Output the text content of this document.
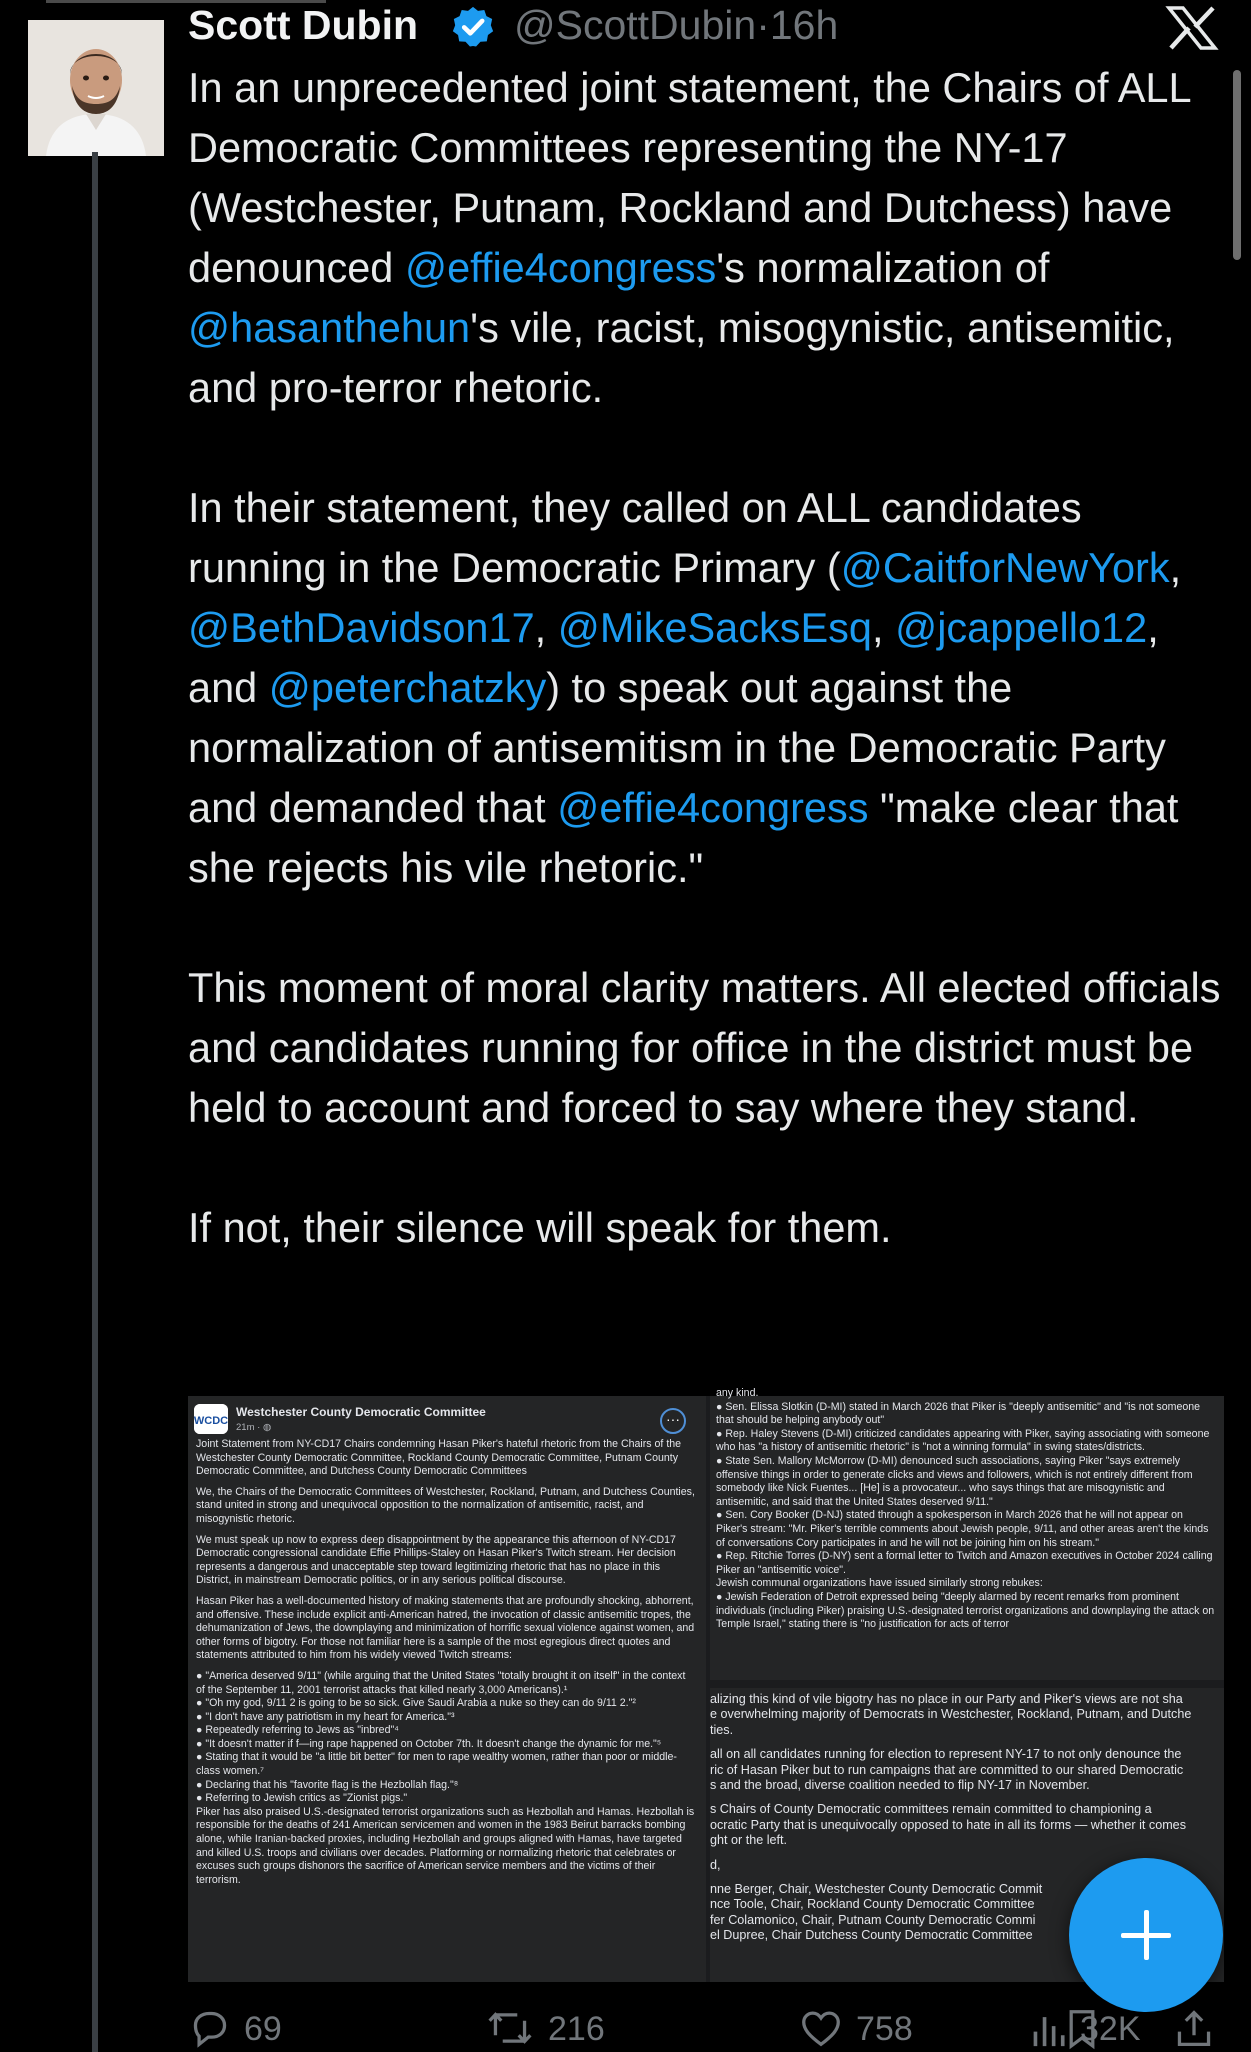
Scott Dubin @ScottDubin·16h

In an unprecedented joint statement, the Chairs of ALL Democratic Committees representing the NY-17 (Westchester, Putnam, Rockland and Dutchess) have denounced @effie4congress's normalization of @hasanthehun's vile, racist, misogynistic, antisemitic, and pro-terror rhetoric.

In their statement, they called on ALL candidates running in the Democratic Primary (@CaitforNewYork, @BethDavidson17, @MikeSacksEsq, @jcappello12, and @peterchatzky) to speak out against the normalization of antisemitism in the Democratic Party and demanded that @effie4congress "make clear that she rejects his vile rhetoric."

This moment of moral clarity matters. All elected officials and candidates running for office in the district must be held to account and forced to say where they stand.

If not, their silence will speak for them.

WCDC
Westchester County Democratic Committee
21m · ◍
···

Joint Statement from NY-CD17 Chairs condemning Hasan Piker's hateful rhetoric from the Chairs of the Westchester County Democratic Committee, Rockland County Democratic Committee, Putnam County Democratic Committee, and Dutchess County Democratic Committees

We, the Chairs of the Democratic Committees of Westchester, Rockland, Putnam, and Dutchess Counties, stand united in strong and unequivocal opposition to the normalization of antisemitic, racist, and misogynistic rhetoric.

We must speak up now to express deep disappointment by the appearance this afternoon of NY-CD17 Democratic congressional candidate Effie Phillips-Staley on Hasan Piker's Twitch stream. Her decision represents a dangerous and unacceptable step toward legitimizing rhetoric that has no place in this District, in mainstream Democratic politics, or in any serious political discourse.

Hasan Piker has a well-documented history of making statements that are profoundly shocking, abhorrent, and offensive. These include explicit anti-American hatred, the invocation of classic antisemitic tropes, the dehumanization of Jews, the downplaying and minimization of horrific sexual violence against women, and other forms of bigotry. For those not familiar here is a sample of the most egregious direct quotes and statements attributed to him from his widely viewed Twitch streams:

● "America deserved 9/11" (while arguing that the United States "totally brought it on itself" in the context of the September 11, 2001 terrorist attacks that killed nearly 3,000 Americans).¹

● "Oh my god, 9/11 2 is going to be so sick. Give Saudi Arabia a nuke so they can do 9/11 2."²

● "I don't have any patriotism in my heart for America."³

● Repeatedly referring to Jews as "inbred"⁴

● "It doesn't matter if f—ing rape happened on October 7th. It doesn't change the dynamic for me."⁵

● Stating that it would be "a little bit better" for men to rape wealthy women, rather than poor or middle-class women.⁷

● Declaring that his "favorite flag is the Hezbollah flag."⁸

● Referring to Jewish critics as "Zionist pigs."

Piker has also praised U.S.-designated terrorist organizations such as Hezbollah and Hamas. Hezbollah is responsible for the deaths of 241 American servicemen and women in the 1983 Beirut barracks bombing alone, while Iranian-backed proxies, including Hezbollah and groups aligned with Hamas, have targeted and killed U.S. troops and civilians over decades. Platforming or normalizing rhetoric that celebrates or excuses such groups dishonors the sacrifice of American service members and the victims of their terrorism.

any kind.

● Sen. Elissa Slotkin (D-MI) stated in March 2026 that Piker is "deeply antisemitic" and "is not someone that should be helping anybody out"

● Rep. Haley Stevens (D-MI) criticized candidates appearing with Piker, saying associating with someone who has "a history of antisemitic rhetoric" is "not a winning formula" in swing states/districts.

● State Sen. Mallory McMorrow (D-MI) denounced such associations, saying Piker "says extremely offensive things in order to generate clicks and views and followers, which is not entirely different from somebody like Nick Fuentes... [He] is a provocateur... who says things that are misogynistic and antisemitic, and said that the United States deserved 9/11."

● Sen. Cory Booker (D-NJ) stated through a spokesperson in March 2026 that he will not appear on Piker's stream: "Mr. Piker's terrible comments about Jewish people, 9/11, and other areas aren't the kinds of conversations Cory participates in and he will not be joining him on his stream."

● Rep. Ritchie Torres (D-NY) sent a formal letter to Twitch and Amazon executives in October 2024 calling Piker an "antisemitic voice".

Jewish communal organizations have issued similarly strong rebukes:

● Jewish Federation of Detroit expressed being "deeply alarmed by recent remarks from prominent individuals (including Piker) praising U.S.-designated terrorist organizations and downplaying the attack on Temple Israel," stating there is "no justification for acts of terror

alizing this kind of vile bigotry has no place in our Party and Piker's views are not sha
e overwhelming majority of Democrats in Westchester, Rockland, Putnam, and Dutche
ties.

all on all candidates running for election to represent NY-17 to not only denounce the
ric of Hasan Piker but to run campaigns that are committed to our shared Democratic
s and the broad, diverse coalition needed to flip NY-17 in November.

s Chairs of County Democratic committees remain committed to championing a
ocratic Party that is unequivocally opposed to hate in all its forms — whether it comes
ght or the left.

d,

nne Berger, Chair, Westchester County Democratic Commit

nce Toole, Chair, Rockland County Democratic Committee

fer Colamonico, Chair, Putnam County Democratic Commi

el Dupree, Chair Dutchess County Democratic Committee

69	216	758	32K
